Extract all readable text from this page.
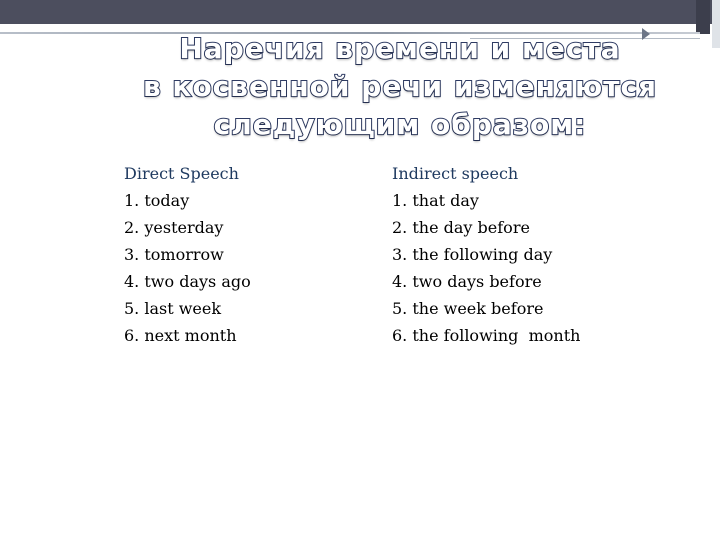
Наречия времени и места
в косвенной речи изменяются
следующим образом:
Direct Speech
1. today
2. yesterday
3. tomorrow
4. two days ago
5. last week
6. next month
Indirect speech
1. that day
2. the day before
3. the following day
4. two days before
5. the week before
6. the following  month
